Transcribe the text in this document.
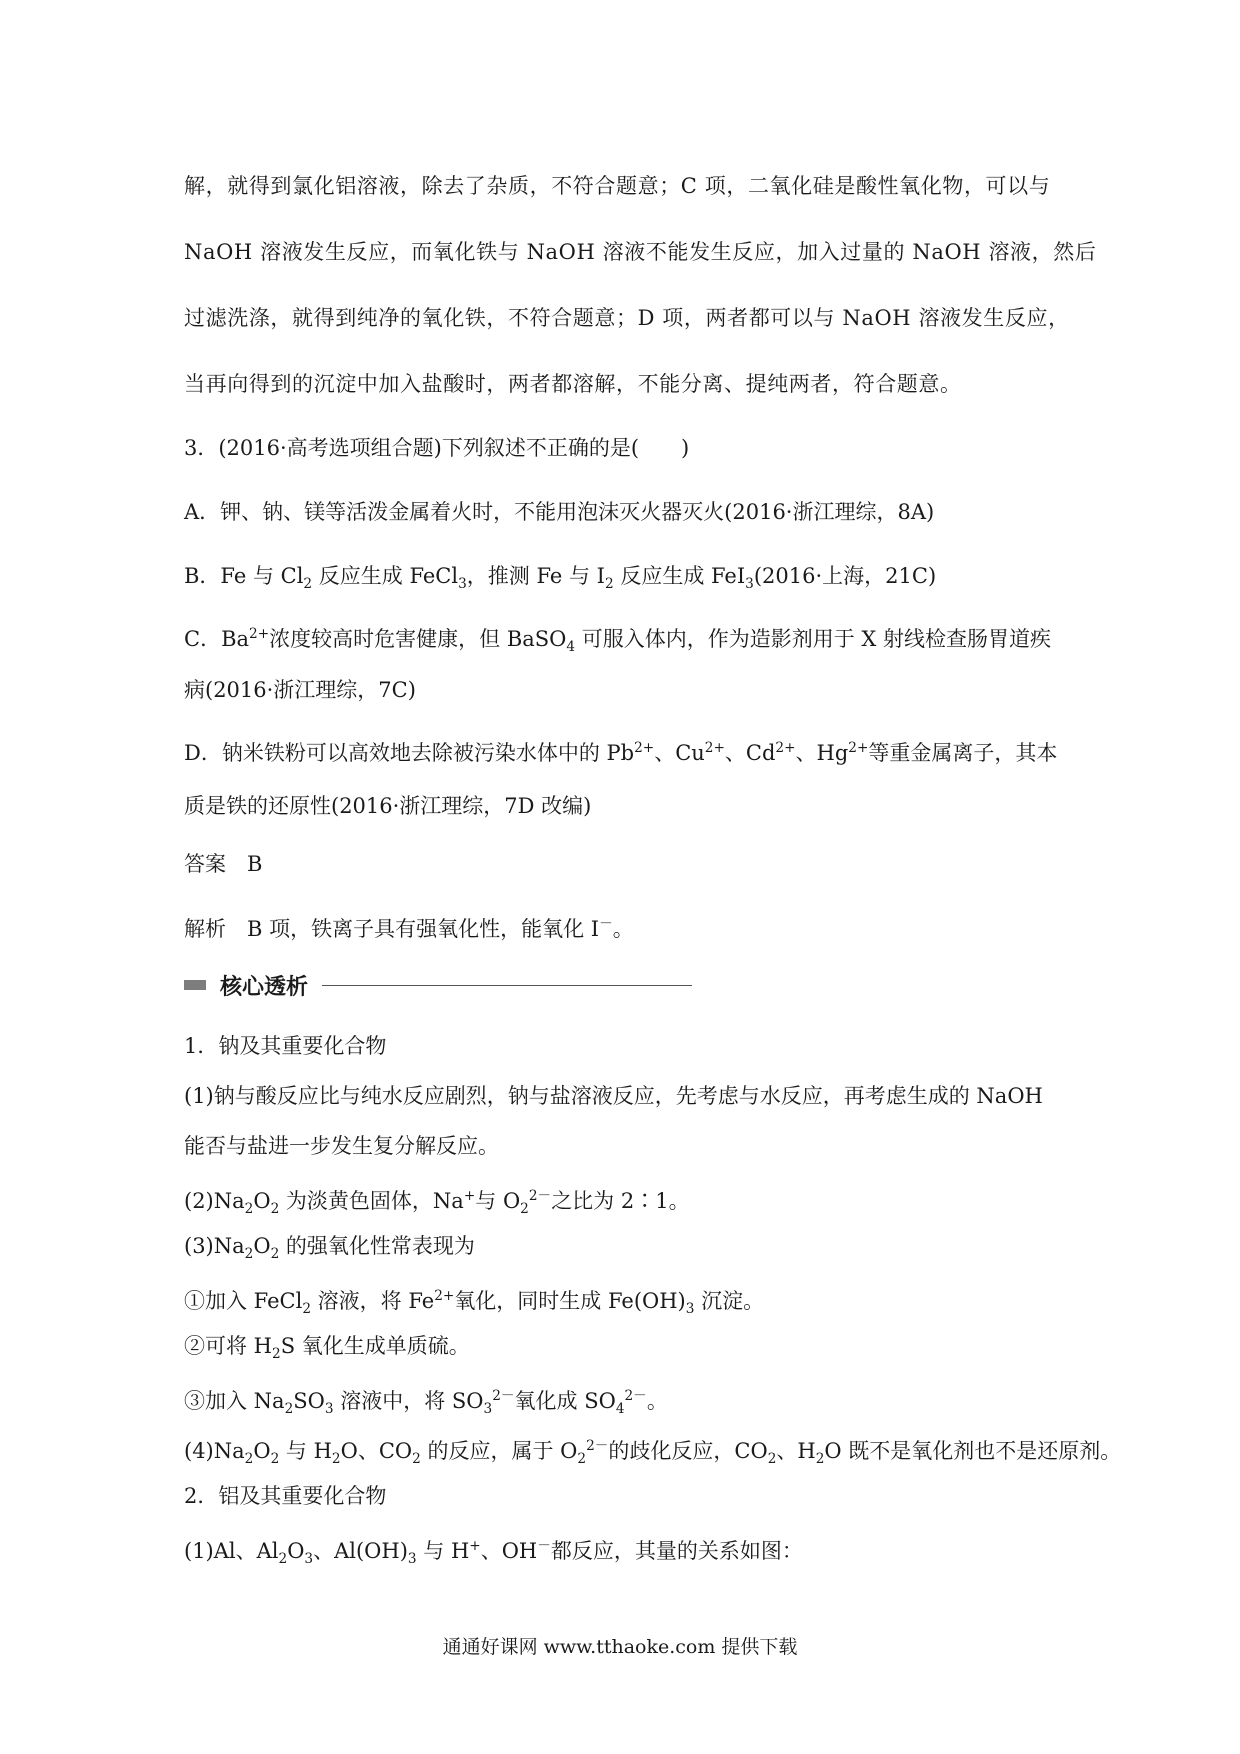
解，就得到氯化铝溶液，除去了杂质，不符合题意；C 项，二氧化硅是酸性氧化物，可以与
NaOH 溶液发生反应，而氧化铁与 NaOH 溶液不能发生反应，加入过量的 NaOH 溶液，然后
过滤洗涤，就得到纯净的氧化铁，不符合题意；D 项，两者都可以与 NaOH 溶液发生反应，
当再向得到的沉淀中加入盐酸时，两者都溶解，不能分离、提纯两者，符合题意。
3．(2016·高考选项组合题)下列叙述不正确的是(　　)
A．钾、钠、镁等活泼金属着火时，不能用泡沫灭火器灭火(2016·浙江理综，8A)
B．Fe 与 $Cl_2$ 反应生成 FeCl$_3$，推测 Fe 与 $I_2$ 反应生成 FeI$_3$(2016·上海，21C)
C．$Ba^{2+}$浓度较高时危害健康，但 BaSO$_4$ 可服入体内，作为造影剂用于 X 射线检查肠胃道疾
病(2016·浙江理综，7C)
D．钠米铁粉可以高效地去除被污染水体中的 $Pb^{2+}$、$Cu^{2+}$、$Cd^{2+}$、$Hg^{2+}$等重金属离子，其本
质是铁的还原性(2016·浙江理综，7D 改编)
答案　B
解析　B 项，铁离子具有强氧化性，能氧化 I－。
核心透析
1．钠及其重要化合物
(1)钠与酸反应比与纯水反应剧烈，钠与盐溶液反应，先考虑与水反应，再考虑生成的 NaOH
能否与盐进一步发生复分解反应。
$(2)Na_2O_2$ 为淡黄色固体，Na+与 $O_2^{2-}$之比为 2∶1。
$(3)Na_2O_2$ 的强氧化性常表现为
①加入 FeCl$_2$ 溶液，将 $Fe^{2+}$氧化，同时生成 $Fe(OH)_3$ 沉淀。
②可将 $H_2S$ 氧化生成单质硫。
③加入 $Na_2SO_3$ 溶液中，将 $SO_3^{2-}$氧化成 $SO_4^{2-}$。
$(4)Na_2O_2$ 与 $H_2O$、$CO_2$ 的反应，属于 $O_2^{2-}$的歧化反应，$CO_2$、$H_2O$ 既不是氧化剂也不是还原剂。
2．铝及其重要化合物
(1)Al、$Al_2O_3$、$Al(OH)_3$ 与 H+、OH－都反应，其量的关系如图：
通通好课网 www.tthaoke.com 提供下载
